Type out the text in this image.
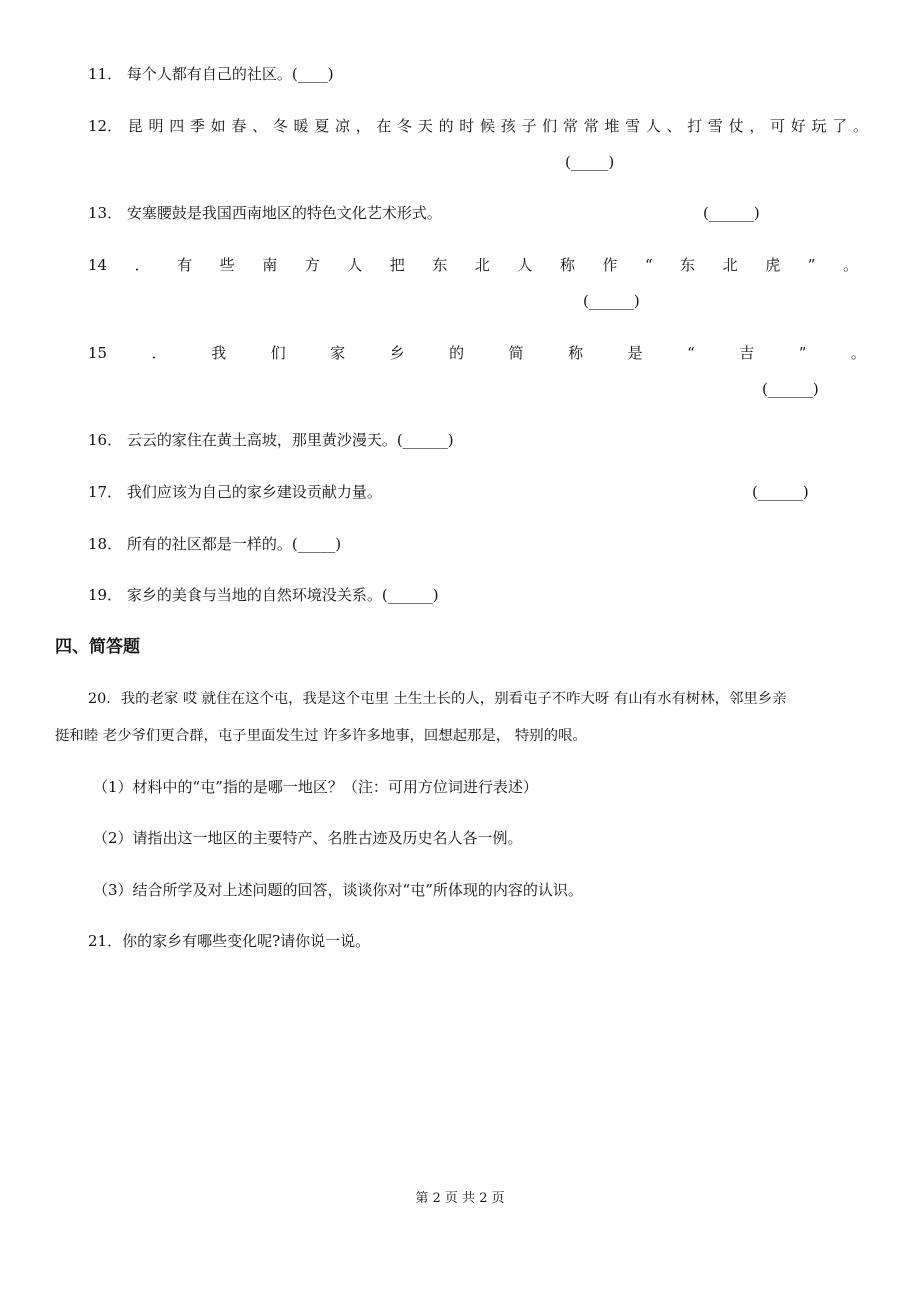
11． 每个人都有自己的社区。(____)
12． 昆 明 四 季 如 春 、 冬 暖 夏 凉 ， 在 冬 天 的 时 候 孩 子 们 常 常 堆 雪 人 、 打 雪 仗 ， 可 好 玩 了 。
(_____)
13． 安塞腰鼓是我国西南地区的特色文化艺术形式。	(______)
14 ． 有 些 南 方 人 把 东 北 人 称 作 “ 东 北 虎 ” 。
(______)
15	．	我	们	家	乡	的	简	称	是	“	吉	”	。
(______)
16． 云云的家住在黄土高坡，那里黄沙漫天。(______)
17． 我们应该为自己的家乡建设贡献力量。	(______)
18． 所有的社区都是一样的。(_____)
19． 家乡的美食与当地的自然环境没关系。(______)
四、简答题
20．我的老家 哎 就住在这个屯，我是这个屯里 土生土长的人，别看屯子不咋大呀 有山有水有树林，邻里乡亲
挺和睦 老少爷们更合群，屯子里面发生过 许多许多地事，回想起那是， 特别的哏。
（1）材料中的“屯”指的是哪一地区？（注：可用方位词进行表述）
（2）请指出这一地区的主要特产、名胜古迹及历史名人各一例。
（3）结合所学及对上述问题的回答，谈谈你对“屯”所体现的内容的认识。
21．你的家乡有哪些变化呢?请你说一说。
第 2 页 共 2 页
